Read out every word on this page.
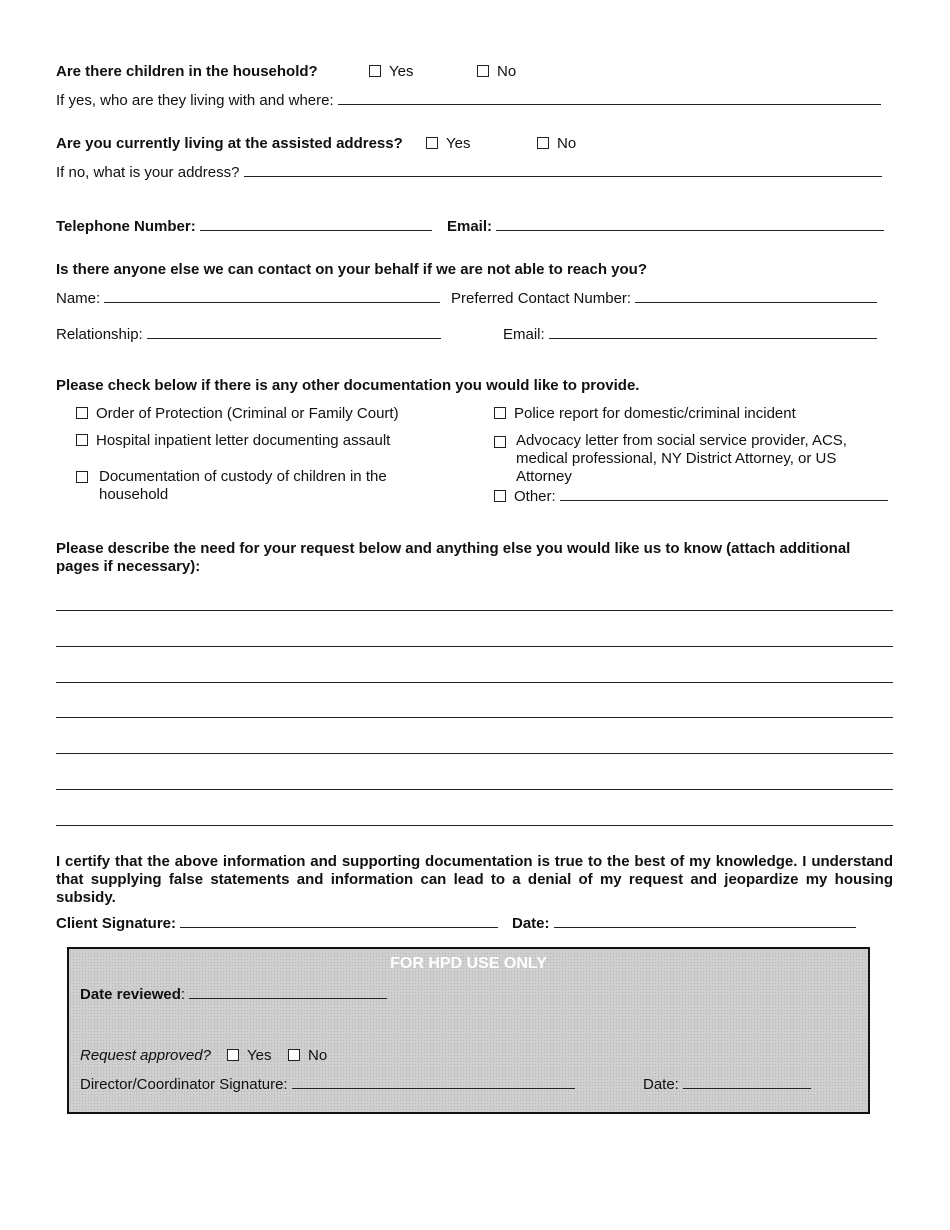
Are there children in the household?	Yes	No
If yes, who are they living with and where:
Are you currently living at the assisted address?	Yes	No
If no, what is your address?
Telephone Number:	Email:
Is there anyone else we can contact on your behalf if we are not able to reach you?
Name:	Preferred Contact Number:
Relationship:	Email:
Please check below if there is any other documentation you would like to provide.
Order of Protection (Criminal or Family Court)
Hospital inpatient letter documenting assault
Documentation of custody of children in the household
Police report for domestic/criminal incident
Advocacy letter from social service provider, ACS, medical professional, NY District Attorney, or US Attorney
Other:
Please describe the need for your request below and anything else you would like us to know (attach additional pages if necessary):
I certify that the above information and supporting documentation is true to the best of my knowledge. I understand that supplying false statements and information can lead to a denial of my request and jeopardize my housing subsidy.
Client Signature:	Date:
FOR HPD USE ONLY
Date reviewed:
Request approved?	Yes	No
Director/Coordinator Signature:	Date:
